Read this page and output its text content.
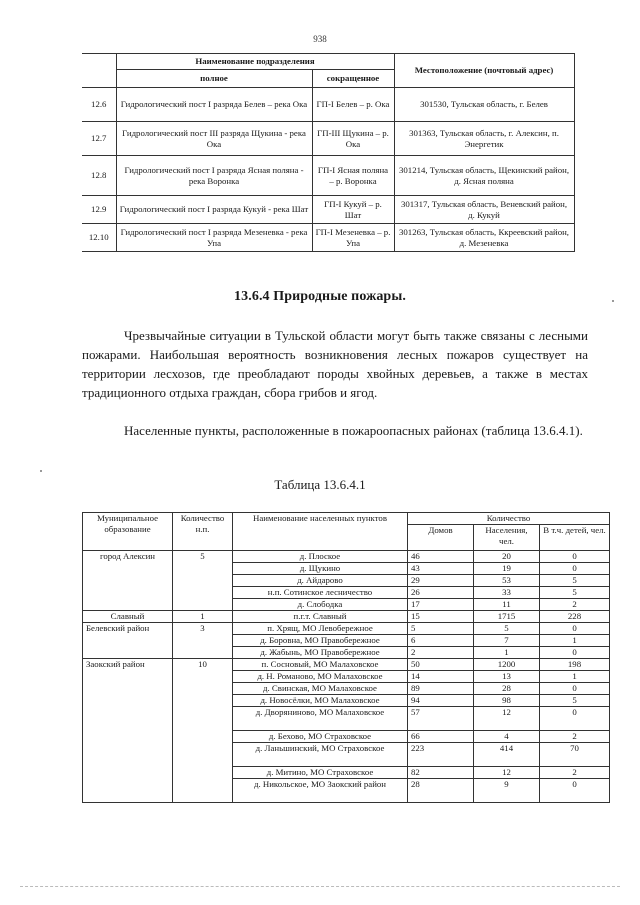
938
	Наименование подразделения		Местоположение (почтовый адрес)
	полное	сокращенное	
12.6	Гидрологический пост I разряда Белев – река Ока	ГП-I Белев – р. Ока	301530, Тульская область, г. Белев
12.7	Гидрологический пост III разряда Щукина - река Ока	ГП-III Щукина – р. Ока	301363, Тульская область, г. Алексин, п. Энергетик
12.8	Гидрологический пост I разряда Ясная поляна - река Воронка	ГП-I Ясная поляна – р. Воронка	301214, Тульская область, Щекинский район, д. Ясная поляна
12.9	Гидрологический пост I разряда Кукуй - река Шат	ГП-I Кукуй – р. Шат	301317, Тульская область, Веневский район, д. Кукуй
12.10	Гидрологический пост I разряда Мезеневка - река Упа	ГП-I Мезеневка – р. Упа	301263, Тульская область, Ккреевский район, д. Мезеневка
13.6.4 Природные пожары.
Чрезвычайные ситуации в Тульской области могут быть также связаны с лесными пожарами. Наибольшая вероятность возникновения лесных пожаров существует на территории лесхозов, где преобладают породы хвойных деревьев, а также в местах традиционного отдыха граждан, сбора грибов и ягод.
Населенные пункты, расположенные в пожароопасных районах (таблица 13.6.4.1).
Таблица 13.6.4.1
Муниципальное образование	Количество н.п.	Наименование населенных пунктов	Количество		
			Домов	Населения, чел.	В т.ч. детей, чел.
город Алексин	5	д. Плоское	46	20	0
		д. Щукино	43	19	0
		д. Айдарово	29	53	5
		н.п. Сотинское лесничество	26	33	5
		д. Слободка	17	11	2
Славный	1	п.г.т. Славный	15	1715	228
Белевский район	3	п. Хрящ, МО Левобережное	5	5	0
		д. Боровна, МО Правобережное	6	7	1
		д. Жабынь, МО Правобережное	2	1	0
Заокский район	10	п. Сосновый, МО Малаховское	50	1200	198
		д. Н. Романово, МО Малаховское	14	13	1
		д. Свинская, МО Малаховское	89	28	0
		д. Новосёлки, МО Малаховское	94	98	5
		д. Дворяниново, МО Малаховское	57	12	0
		д. Бехово, МО Страховское	66	4	2
		д. Ланьшинский, МО Страховское	223	414	70
		д. Митино, МО Страховское	82	12	2
		д. Никольское, МО Заокский район	28	9	0
